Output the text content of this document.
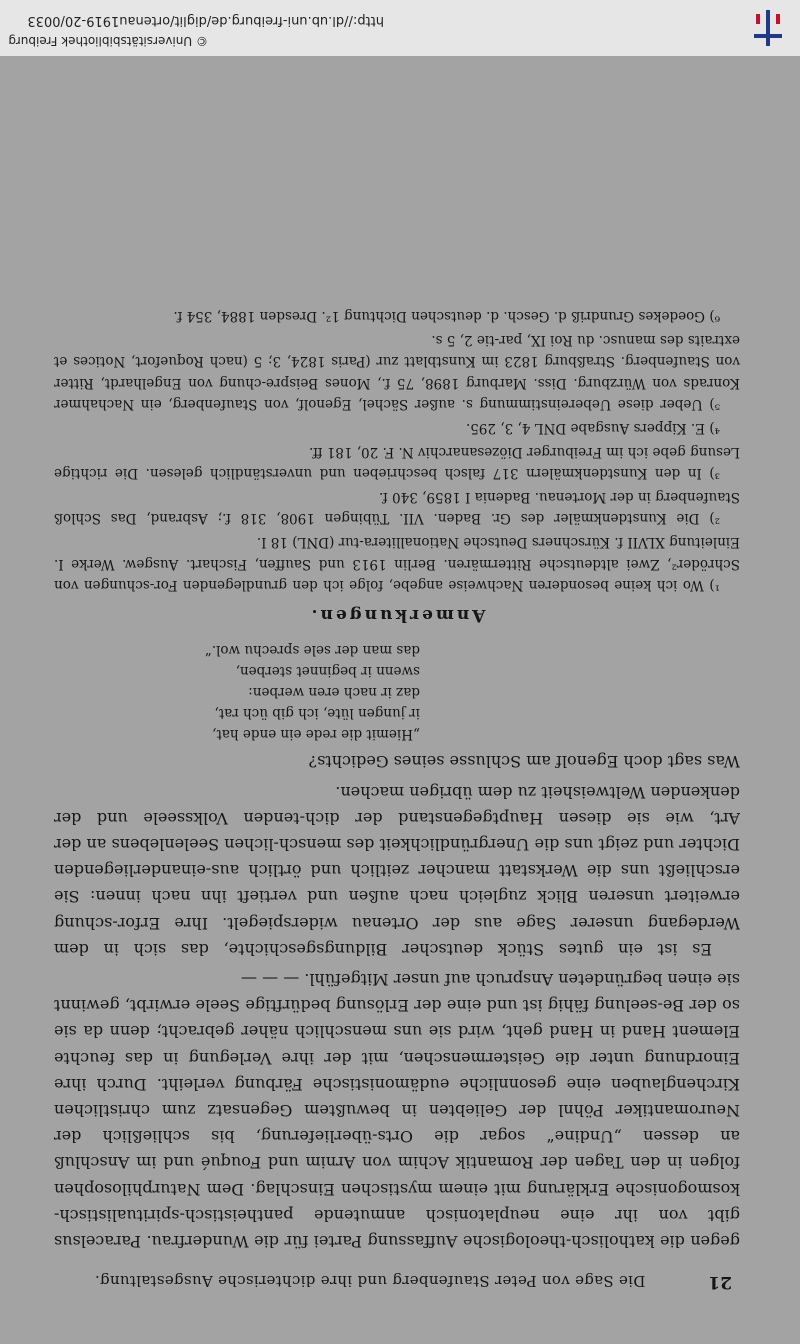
21
Die Sage von Peter Staufenberg und ihre dichterische Ausgestaltung.

gegen die katholisch-theologische Auffassung Partei für die Wunderfrau. Paracelsus gibt von ihr eine neuplatonisch anmutende pantheistisch-spiritualistisch-kosmogonische Erklärung mit einem mystischen Einschlag. Dem Naturphilosophen folgen in den Tagen der Romantik Achim von Arnim und Fouqué und im Anschluß an dessen „Undine“ sogar die Orts-überlieferung, bis schließlich der Neuromantiker Pöhnl der Geliebten in bewußtem Gegensatz zum christlichen Kirchenglauben eine gesonnliche eudämonistische Färbung verleiht. Durch ihre Einordnung unter die Geistermenschen, mit der ihre Verlegung in das feuchte Element Hand in Hand geht, wird sie uns menschlich näher gebracht; denn da sie so der Be-seelung fähig ist und eine der Erlösung bedürftige Seele erwirbt, gewinnt sie einen begründeten Anspruch auf unser Mitgefühl. — — —

Es ist ein gutes Stück deutscher Bildungsgeschichte, das sich in dem Werdegang unserer Sage aus der Ortenau widerspiegelt. Ihre Erfor-schung erweitert unseren Blick zugleich nach außen und vertieft ihn nach innen: Sie erschließt uns die Werkstatt mancher zeitlich und örtlich aus-einanderliegenden Dichter und zeigt uns die Unergründlichkeit des mensch-lichen Seelenlebens an der Art, wie sie diesen Hauptgegenstand der dich-tenden Volksseele und der denkenden Weltweisheit zu dem übrigen machen.

Was sagt doch Egenolf am Schlusse seines Gedichts?

„Hiemit die rede ein ende hat,
ir jungen lüte, ich gib üch rat,
daz ir nach eren werben:
swenn ir beginnet sterben,
das man der sele sprechu wol.“
Anmerkungen.

¹) Wo ich keine besonderen Nachweise angebe, folge ich den grundlegenden For-schungen von Schröder², Zwei altdeutsche Rittermären. Berlin 1913 und Sauffen, Fischart. Ausgew. Werke I. Einleitung XLVII f. Kürschners Deutsche Nationallitera-tur (DNL) 18 I.

²) Die Kunstdenkmäler des Gr. Baden. VII. Tübingen 1908, 318 f.; Asbrand, Das Schloß Staufenberg in der Mortenau. Badenia I 1859, 340 f.

³) In den Kunstdenkmälern 317 falsch beschrieben und unverständlich gelesen. Die richtige Lesung gebe ich im Freiburger Diözesanarchiv N. F. 20, 181 ff.

⁴) E. Kippers Ausgabe DNL 4, 3, 295.

⁵) Ueber diese Uebereinstimmung s. außer Sächel, Egenolf, von Staufenberg, ein Nachahmer Konrads von Würzburg. Diss. Marburg 1898, 75 f., Mones Beispre-chung von Engelhardt, Ritter von Staufenberg. Straßburg 1823 im Kunstblatt zur (Paris 1824, 3; 5 (nach Roquefort, Notices et extraits des manusc. du Roi IX, par-tie 2, 5 s.

⁶) Goedekes Grundriß d. Gesch. d. deutschen Dichtung 1². Dresden 1884, 354 f.

© Universitätsbibliothek Freiburg
http://dl.ub.uni-freiburg.de/diglit/ortenau1919-20/0033
